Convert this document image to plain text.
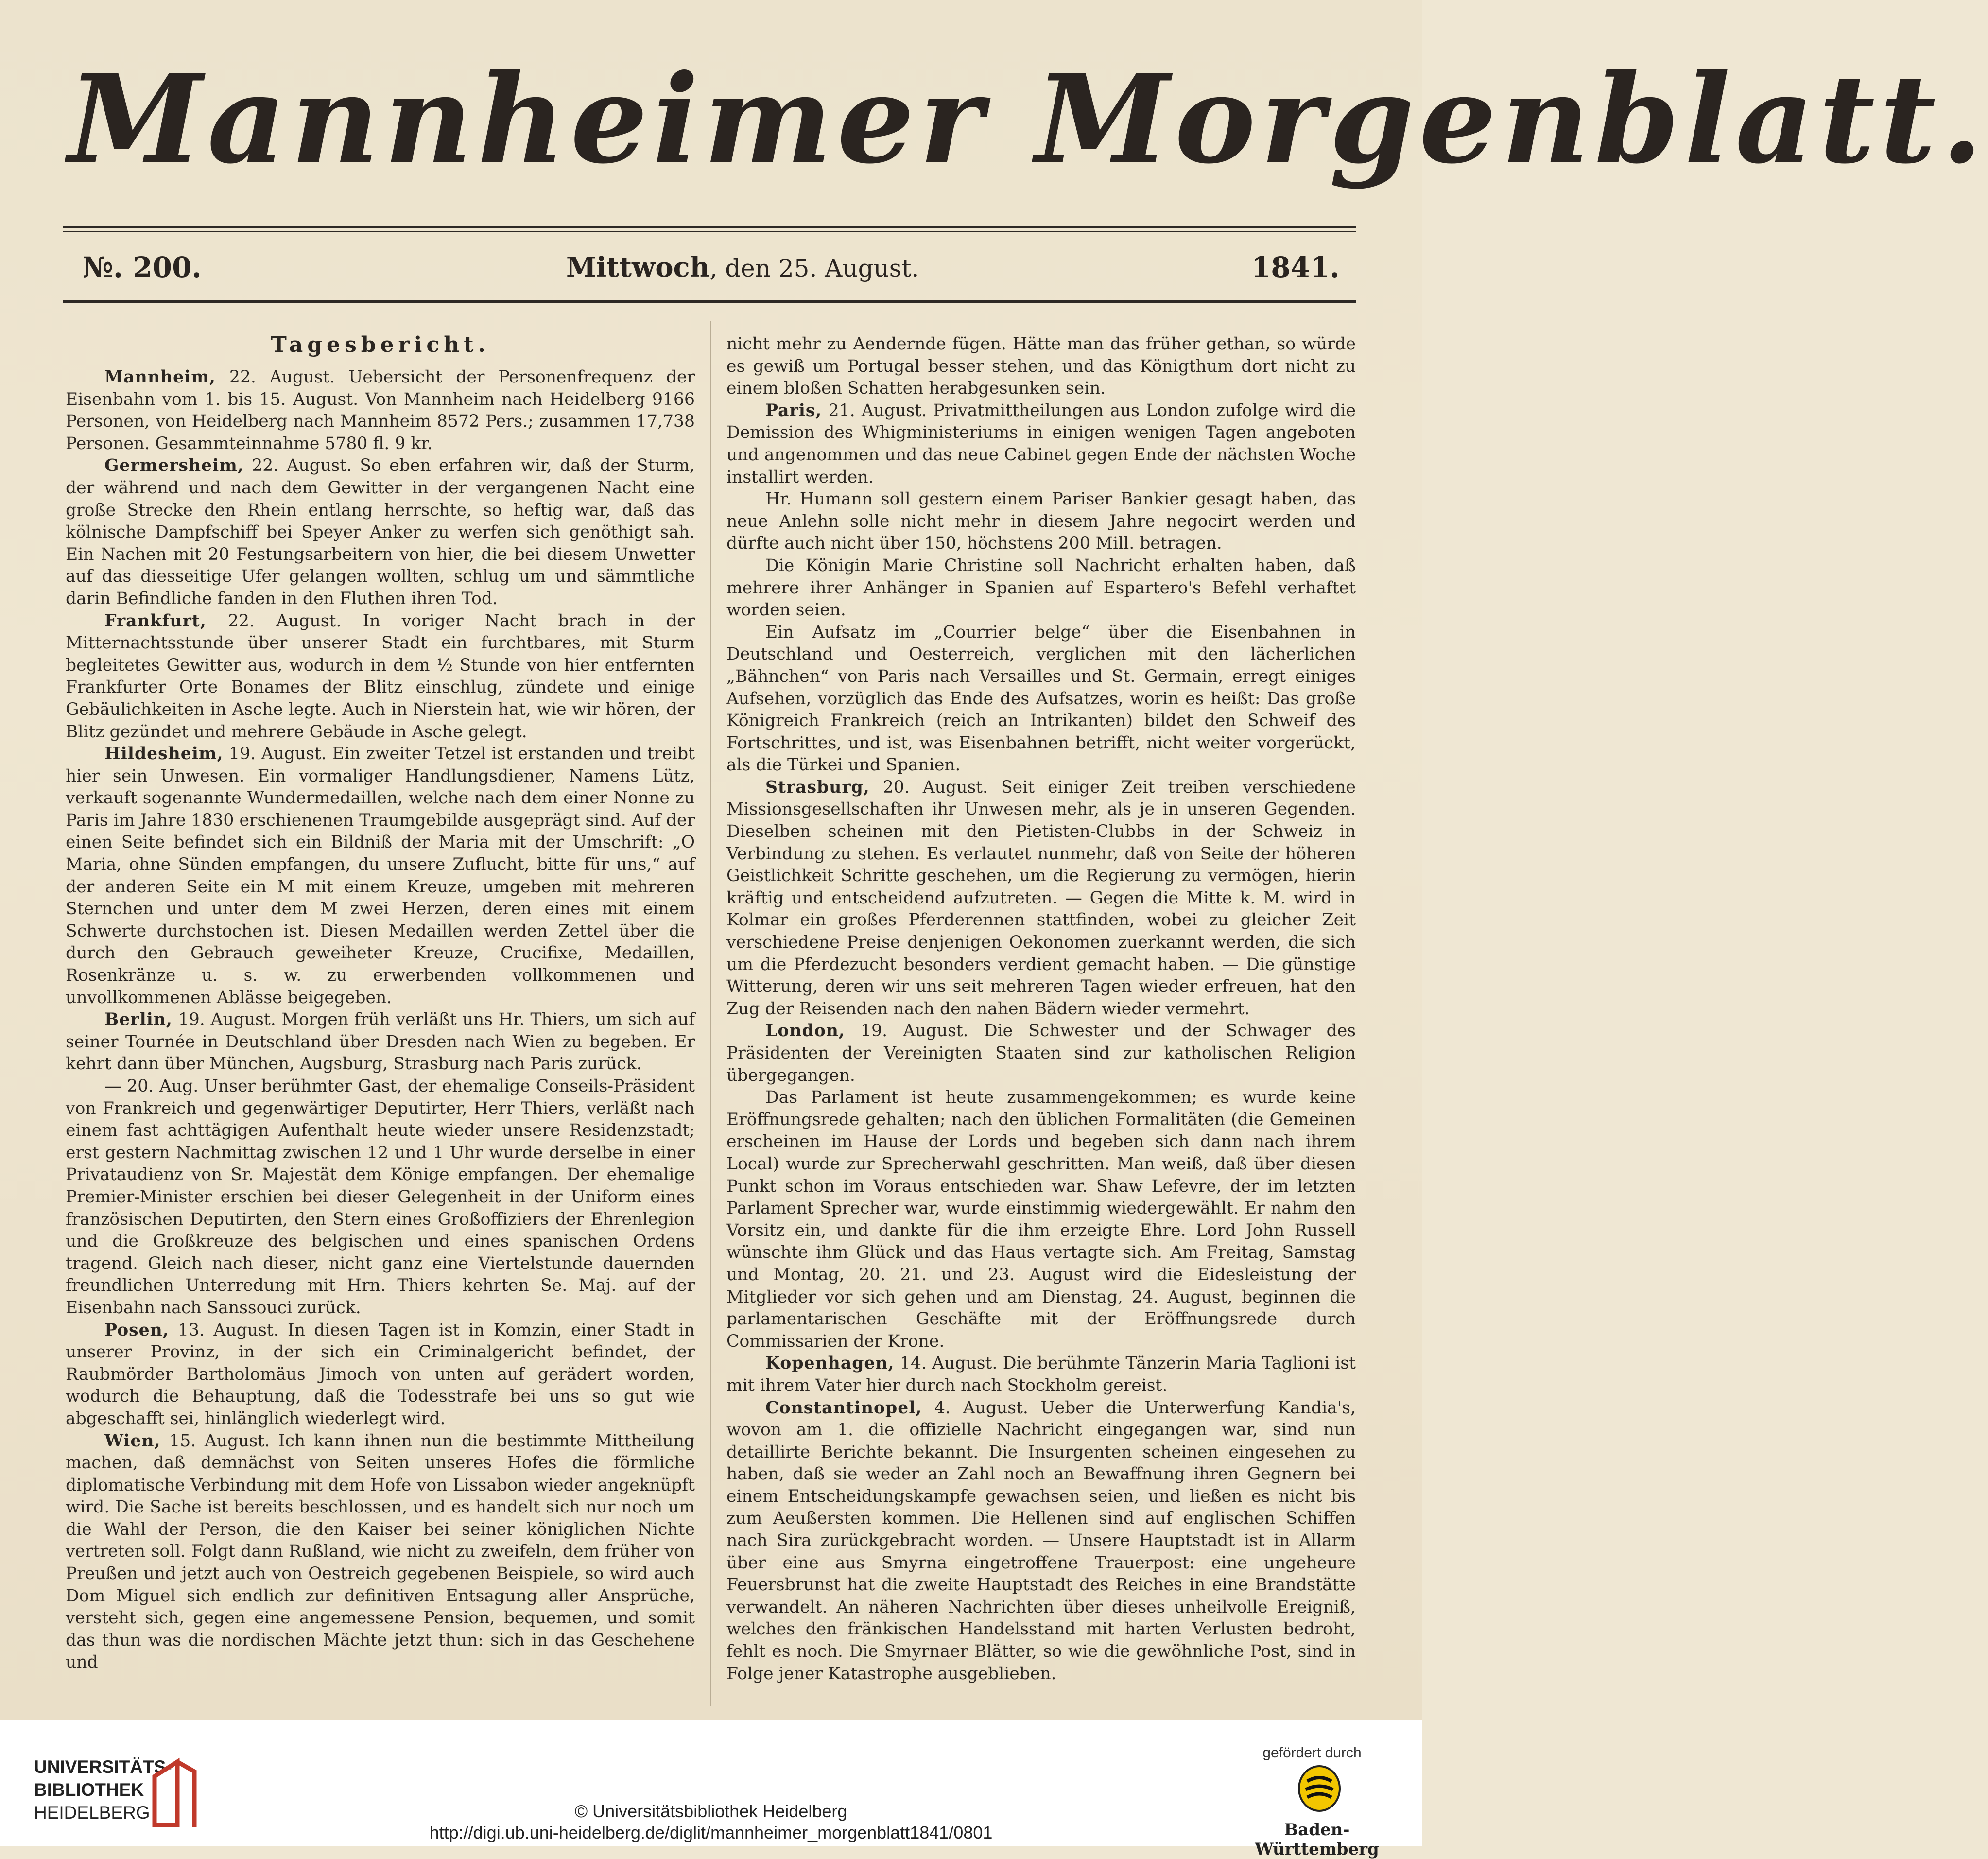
Mannheimer Morgenblatt.
№. 200.	Mittwoch, den 25. August.	1841.
Tagesbericht.

Mannheim, 22. August. Uebersicht der Personenfrequenz der Eisenbahn vom 1. bis 15. August. Von Mannheim nach Heidelberg 9166 Personen, von Heidelberg nach Mannheim 8572 Pers.; zusammen 17,738 Personen. Gesammteinnahme 5780 fl. 9 kr.

Germersheim, 22. August. So eben erfahren wir, daß der Sturm, der während und nach dem Gewitter in der vergangenen Nacht eine große Strecke den Rhein entlang herrschte, so heftig war, daß das kölnische Dampfschiff bei Speyer Anker zu werfen sich genöthigt sah. Ein Nachen mit 20 Festungsarbeitern von hier, die bei diesem Unwetter auf das diesseitige Ufer gelangen wollten, schlug um und sämmtliche darin Befindliche fanden in den Fluthen ihren Tod.

Frankfurt, 22. August. In voriger Nacht brach in der Mitternachtsstunde über unserer Stadt ein furchtbares, mit Sturm begleitetes Gewitter aus, wodurch in dem ½ Stunde von hier entfernten Frankfurter Orte Bonames der Blitz einschlug, zündete und einige Gebäulichkeiten in Asche legte. Auch in Nierstein hat, wie wir hören, der Blitz gezündet und mehrere Gebäude in Asche gelegt.

Hildesheim, 19. August. Ein zweiter Tetzel ist erstanden und treibt hier sein Unwesen. Ein vormaliger Handlungsdiener, Namens Lütz, verkauft sogenannte Wundermedaillen, welche nach dem einer Nonne zu Paris im Jahre 1830 erschienenen Traumgebilde ausgeprägt sind. Auf der einen Seite befindet sich ein Bildniß der Maria mit der Umschrift: „O Maria, ohne Sünden empfangen, du unsere Zuflucht, bitte für uns,“ auf der anderen Seite ein M mit einem Kreuze, umgeben mit mehreren Sternchen und unter dem M zwei Herzen, deren eines mit einem Schwerte durchstochen ist. Diesen Medaillen werden Zettel über die durch den Gebrauch geweiheter Kreuze, Crucifixe, Medaillen, Rosenkränze u. s. w. zu erwerbenden vollkommenen und unvollkommenen Ablässe beigegeben.

Berlin, 19. August. Morgen früh verläßt uns Hr. Thiers, um sich auf seiner Tournée in Deutschland über Dresden nach Wien zu begeben. Er kehrt dann über München, Augsburg, Strasburg nach Paris zurück.

— 20. Aug. Unser berühmter Gast, der ehemalige Conseils-Präsident von Frankreich und gegenwärtiger Deputirter, Herr Thiers, verläßt nach einem fast achttägigen Aufenthalt heute wieder unsere Residenzstadt; erst gestern Nachmittag zwischen 12 und 1 Uhr wurde derselbe in einer Privataudienz von Sr. Majestät dem Könige empfangen. Der ehemalige Premier-Minister erschien bei dieser Gelegenheit in der Uniform eines französischen Deputirten, den Stern eines Großoffiziers der Ehrenlegion und die Großkreuze des belgischen und eines spanischen Ordens tragend. Gleich nach dieser, nicht ganz eine Viertelstunde dauernden freundlichen Unterredung mit Hrn. Thiers kehrten Se. Maj. auf der Eisenbahn nach Sanssouci zurück.

Posen, 13. August. In diesen Tagen ist in Komzin, einer Stadt in unserer Provinz, in der sich ein Criminalgericht befindet, der Raubmörder Bartholomäus Jimoch von unten auf gerädert worden, wodurch die Behauptung, daß die Todesstrafe bei uns so gut wie abgeschafft sei, hinlänglich wiederlegt wird.

Wien, 15. August. Ich kann ihnen nun die bestimmte Mittheilung machen, daß demnächst von Seiten unseres Hofes die förmliche diplomatische Verbindung mit dem Hofe von Lissabon wieder angeknüpft wird. Die Sache ist bereits beschlossen, und es handelt sich nur noch um die Wahl der Person, die den Kaiser bei seiner königlichen Nichte vertreten soll. Folgt dann Rußland, wie nicht zu zweifeln, dem früher von Preußen und jetzt auch von Oestreich gegebenen Beispiele, so wird auch Dom Miguel sich endlich zur definitiven Entsagung aller Ansprüche, versteht sich, gegen eine angemessene Pension, bequemen, und somit das thun was die nordischen Mächte jetzt thun: sich in das Geschehene und

nicht mehr zu Aendernde fügen. Hätte man das früher gethan, so würde es gewiß um Portugal besser stehen, und das Königthum dort nicht zu einem bloßen Schatten herabgesunken sein.

Paris, 21. August. Privatmittheilungen aus London zufolge wird die Demission des Whigministeriums in einigen wenigen Tagen angeboten und angenommen und das neue Cabinet gegen Ende der nächsten Woche installirt werden.

Hr. Humann soll gestern einem Pariser Bankier gesagt haben, das neue Anlehn solle nicht mehr in diesem Jahre negocirt werden und dürfte auch nicht über 150, höchstens 200 Mill. betragen.

Die Königin Marie Christine soll Nachricht erhalten haben, daß mehrere ihrer Anhänger in Spanien auf Espartero's Befehl verhaftet worden seien.

Ein Aufsatz im „Courrier belge“ über die Eisenbahnen in Deutschland und Oesterreich, verglichen mit den lächerlichen „Bähnchen“ von Paris nach Versailles und St. Germain, erregt einiges Aufsehen, vorzüglich das Ende des Aufsatzes, worin es heißt: Das große Königreich Frankreich (reich an Intrikanten) bildet den Schweif des Fortschrittes, und ist, was Eisenbahnen betrifft, nicht weiter vorgerückt, als die Türkei und Spanien.

Strasburg, 20. August. Seit einiger Zeit treiben verschiedene Missionsgesellschaften ihr Unwesen mehr, als je in unseren Gegenden. Dieselben scheinen mit den Pietisten-Clubbs in der Schweiz in Verbindung zu stehen. Es verlautet nunmehr, daß von Seite der höheren Geistlichkeit Schritte geschehen, um die Regierung zu vermögen, hierin kräftig und entscheidend aufzutreten. — Gegen die Mitte k. M. wird in Kolmar ein großes Pferderennen stattfinden, wobei zu gleicher Zeit verschiedene Preise denjenigen Oekonomen zuerkannt werden, die sich um die Pferdezucht besonders verdient gemacht haben. — Die günstige Witterung, deren wir uns seit mehreren Tagen wieder erfreuen, hat den Zug der Reisenden nach den nahen Bädern wieder vermehrt.

London, 19. August. Die Schwester und der Schwager des Präsidenten der Vereinigten Staaten sind zur katholischen Religion übergegangen.

Das Parlament ist heute zusammengekommen; es wurde keine Eröffnungsrede gehalten; nach den üblichen Formalitäten (die Gemeinen erscheinen im Hause der Lords und begeben sich dann nach ihrem Local) wurde zur Sprecherwahl geschritten. Man weiß, daß über diesen Punkt schon im Voraus entschieden war. Shaw Lefevre, der im letzten Parlament Sprecher war, wurde einstimmig wiedergewählt. Er nahm den Vorsitz ein, und dankte für die ihm erzeigte Ehre. Lord John Russell wünschte ihm Glück und das Haus vertagte sich. Am Freitag, Samstag und Montag, 20. 21. und 23. August wird die Eidesleistung der Mitglieder vor sich gehen und am Dienstag, 24. August, beginnen die parlamentarischen Geschäfte mit der Eröffnungsrede durch Commissarien der Krone.

Kopenhagen, 14. August. Die berühmte Tänzerin Maria Taglioni ist mit ihrem Vater hier durch nach Stockholm gereist.

Constantinopel, 4. August. Ueber die Unterwerfung Kandia's, wovon am 1. die offizielle Nachricht eingegangen war, sind nun detaillirte Berichte bekannt. Die Insurgenten scheinen eingesehen zu haben, daß sie weder an Zahl noch an Bewaffnung ihren Gegnern bei einem Entscheidungskampfe gewachsen seien, und ließen es nicht bis zum Aeußersten kommen. Die Hellenen sind auf englischen Schiffen nach Sira zurückgebracht worden. — Unsere Hauptstadt ist in Allarm über eine aus Smyrna eingetroffene Trauerpost: eine ungeheure Feuersbrunst hat die zweite Hauptstadt des Reiches in eine Brandstätte verwandelt. An näheren Nachrichten über dieses unheilvolle Ereigniß, welches den fränkischen Handelsstand mit harten Verlusten bedroht, fehlt es noch. Die Smyrnaer Blätter, so wie die gewöhnliche Post, sind in Folge jener Katastrophe ausgeblieben.

UNIVERSITÄTS-
BIBLIOTHEK
HEIDELBERG	© Universitätsbibliothek Heidelberg
http://digi.ub.uni-heidelberg.de/diglit/mannheimer_morgenblatt1841/0801
gefördert durch
Baden-Württemberg
